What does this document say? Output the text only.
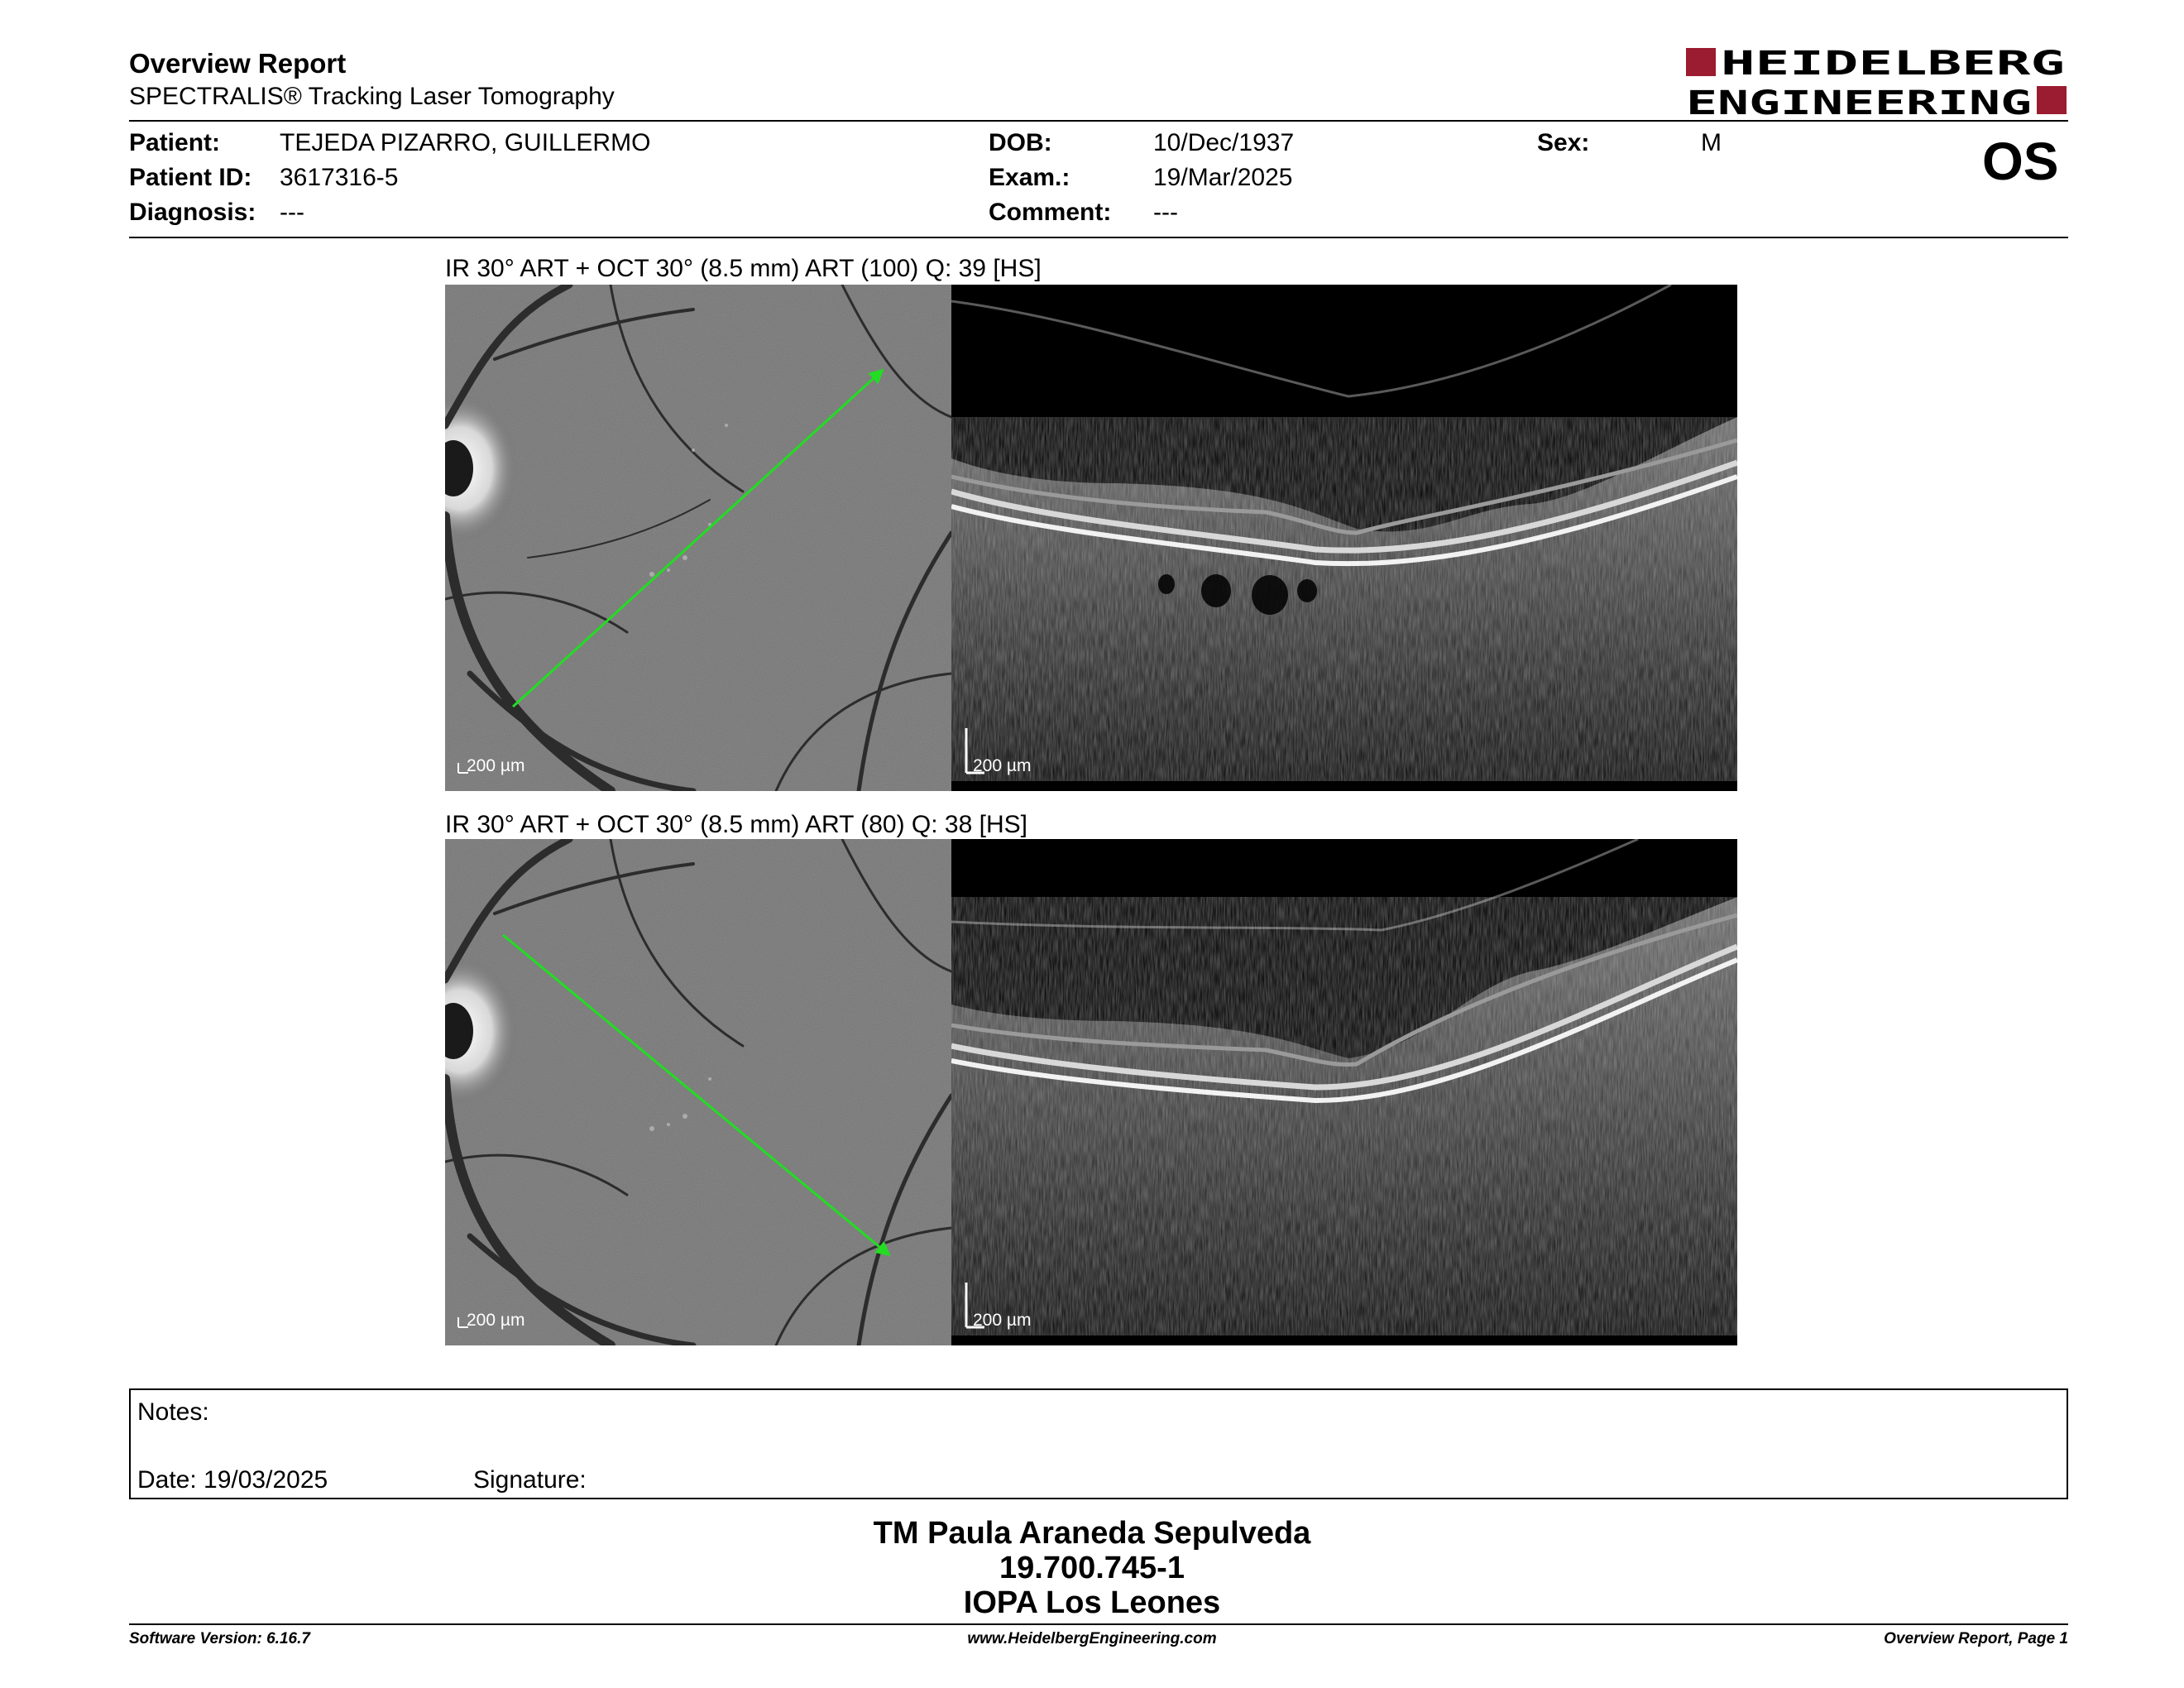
Overview Report
SPECTRALIS® Tracking Laser Tomography
HEIDELBERG
ENGINEERING
Patient: TEJEDA PIZARRO, GUILLERMO
Patient ID: 3617316-5
Diagnosis: ---
DOB:	10/Dec/1937
Exam.:	19/Mar/2025
Comment: ---
Sex:	M	OS
IR 30° ART + OCT 30° (8.5 mm) ART (100) Q: 39 [HS]
200 µm	200 µm
IR 30° ART + OCT 30° (8.5 mm) ART (80) Q: 38 [HS]
200 µm	200 µm
Notes:
Date: 19/03/2025	Signature:
TM Paula Araneda Sepulveda
19.700.745-1
IOPA Los Leones
Software Version: 6.16.7	www.HeidelbergEngineering.com	Overview Report, Page 1
